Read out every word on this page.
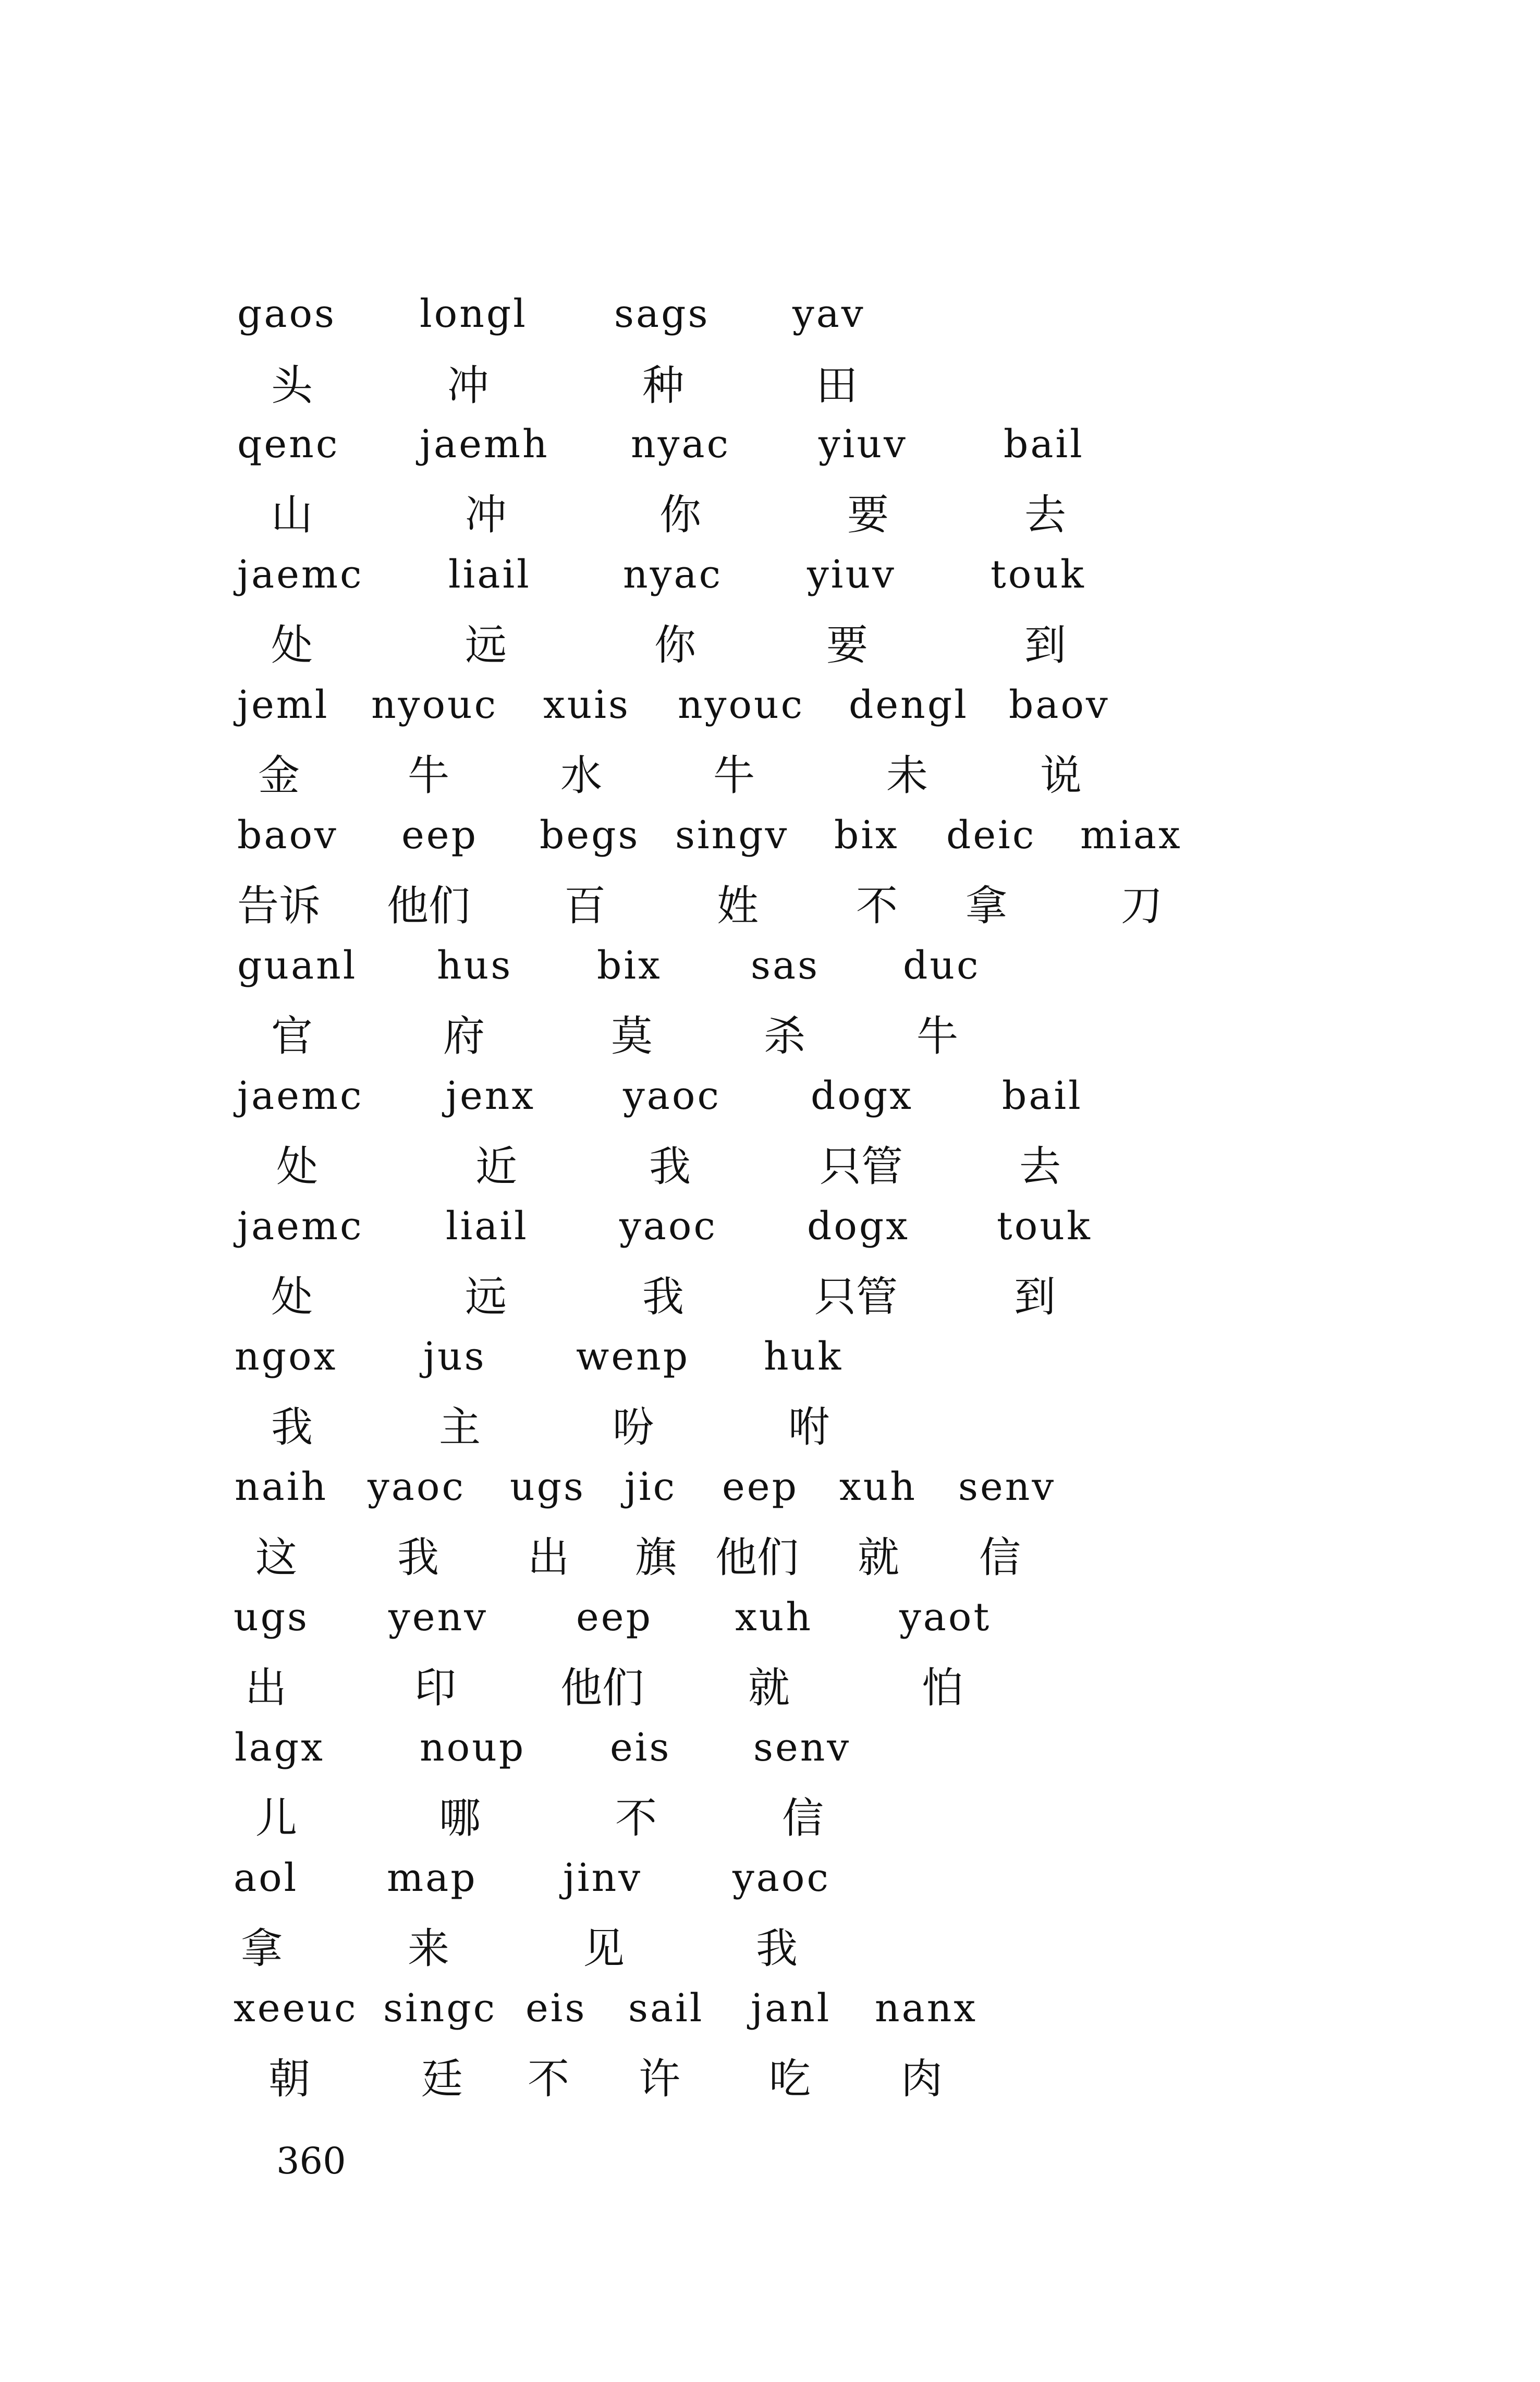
gaos longl sags yav
头	冲	种	田
qenc jaemh nyac yiuv bail
山	冲	你	要	去
jaemc liail nyac yiuv touk
处	远	你	要	到
jeml nyouc xuis nyouc dengl baov
金	牛	水	牛	未	说
baov eep begs singv bix deic miax
告诉 他们 百	姓 不 拿	刀
guanl hus bix sas duc
官	府	莫	杀	牛
jaemc jenx yaoc dogx bail
处	近	我	只管	去
jaemc liail yaoc dogx touk
处	远	我	只管	到
ngox jus wenp huk
我	主	吩	咐
naih yaoc ugs jic eep xuh senv
这 我 出 旗 他们 就 信
ugs yenv eep xuh yaot
出	印	他们	就	怕
lagx noup eis senv
儿	哪	不	信
aol map jinv yaoc
拿	来	见	我
xeeuc singc eis sail janl nanx
朝	廷 不 许 吃 肉
360
